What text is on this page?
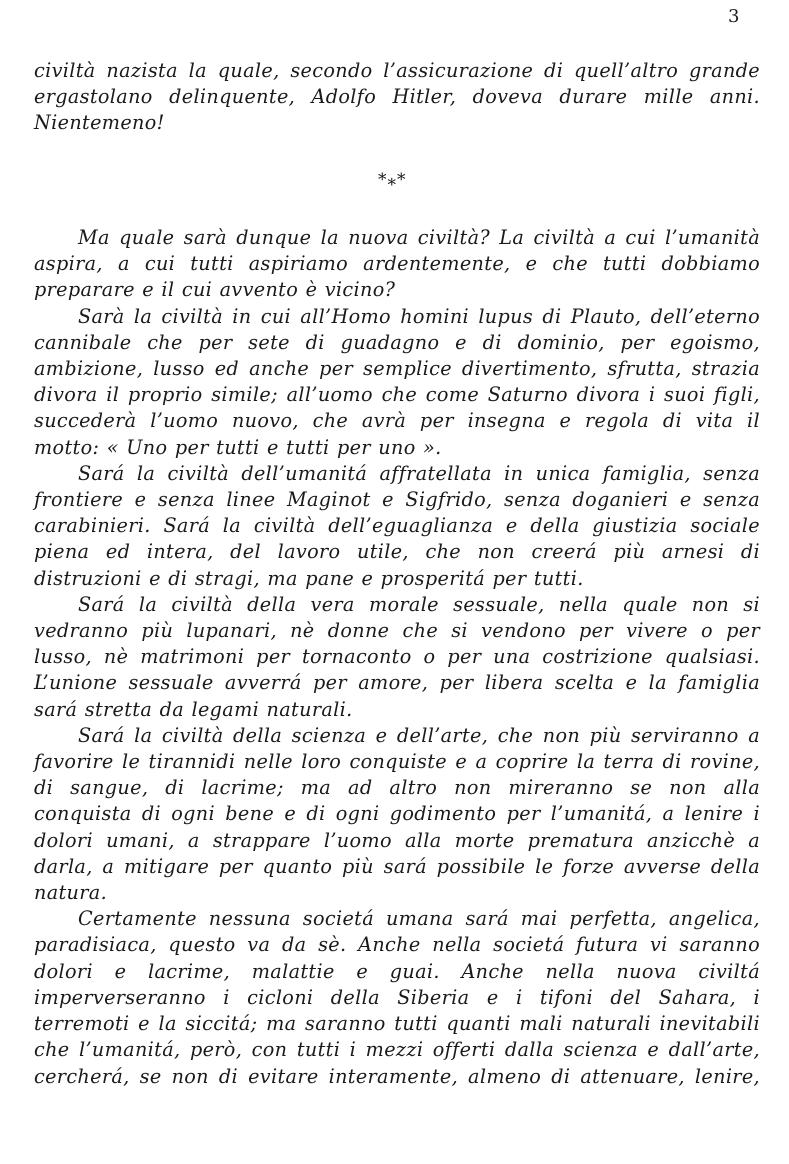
3

civiltà nazista la quale, secondo l’assicurazione di quell’altro grande ergastolano delinquente, Adolfo Hitler, doveva durare mille anni. Nientemeno!

*⁎*

Ma quale sarà dunque la nuova civiltà? La civiltà a cui l’umanità aspira, a cui tutti aspiriamo ardentemente, e che tutti dobbiamo preparare e il cui avvento è vicino?

Sarà la civiltà in cui all’Homo homini lupus di Plauto, dell’eterno cannibale che per sete di guadagno e di dominio, per egoismo, ambizione, lusso ed anche per semplice divertimento, sfrutta, strazia divora il proprio simile; all’uomo che come Saturno divora i suoi figli, succederà l’uomo nuovo, che avrà per insegna e regola di vita il motto: « Uno per tutti e tutti per uno ».

Sará la civiltà dell’umanitá affratellata in unica famiglia, senza frontiere e senza linee Maginot e Sigfrido, senza doganieri e senza carabinieri. Sará la civiltà dell’eguaglianza e della giustizia sociale piena ed intera, del lavoro utile, che non creerá più arnesi di distruzioni e di stragi, ma pane e prosperitá per tutti.

Sará la civiltà della vera morale sessuale, nella quale non si vedranno più lupanari, nè donne che si vendono per vivere o per lusso, nè matrimoni per tornaconto o per una costrizione qualsiasi. L’unione sessuale avverrá per amore, per libera scelta e la famiglia sará stretta da legami naturali.

Sará la civiltà della scienza e dell’arte, che non più serviranno a favorire le tirannidi nelle loro conquiste e a coprire la terra di rovine, di sangue, di lacrime; ma ad altro non mireranno se non alla conquista di ogni bene e di ogni godimento per l’umanitá, a lenire i dolori umani, a strappare l’uomo alla morte prematura anzicchè a darla, a mitigare per quanto più sará possibile le forze avverse della natura.

Certamente nessuna societá umana sará mai perfetta, angelica, paradisiaca, questo va da sè. Anche nella societá futura vi saranno dolori e lacrime, malattie e guai. Anche nella nuova civiltá imperverseranno i cicloni della Siberia e i tifoni del Sahara, i terremoti e la siccitá; ma saranno tutti quanti mali naturali inevitabili che l’umanitá, però, con tutti i mezzi offerti dalla scienza e dall’arte, cercherá, se non di evitare interamente, almeno di attenuare, lenire,
